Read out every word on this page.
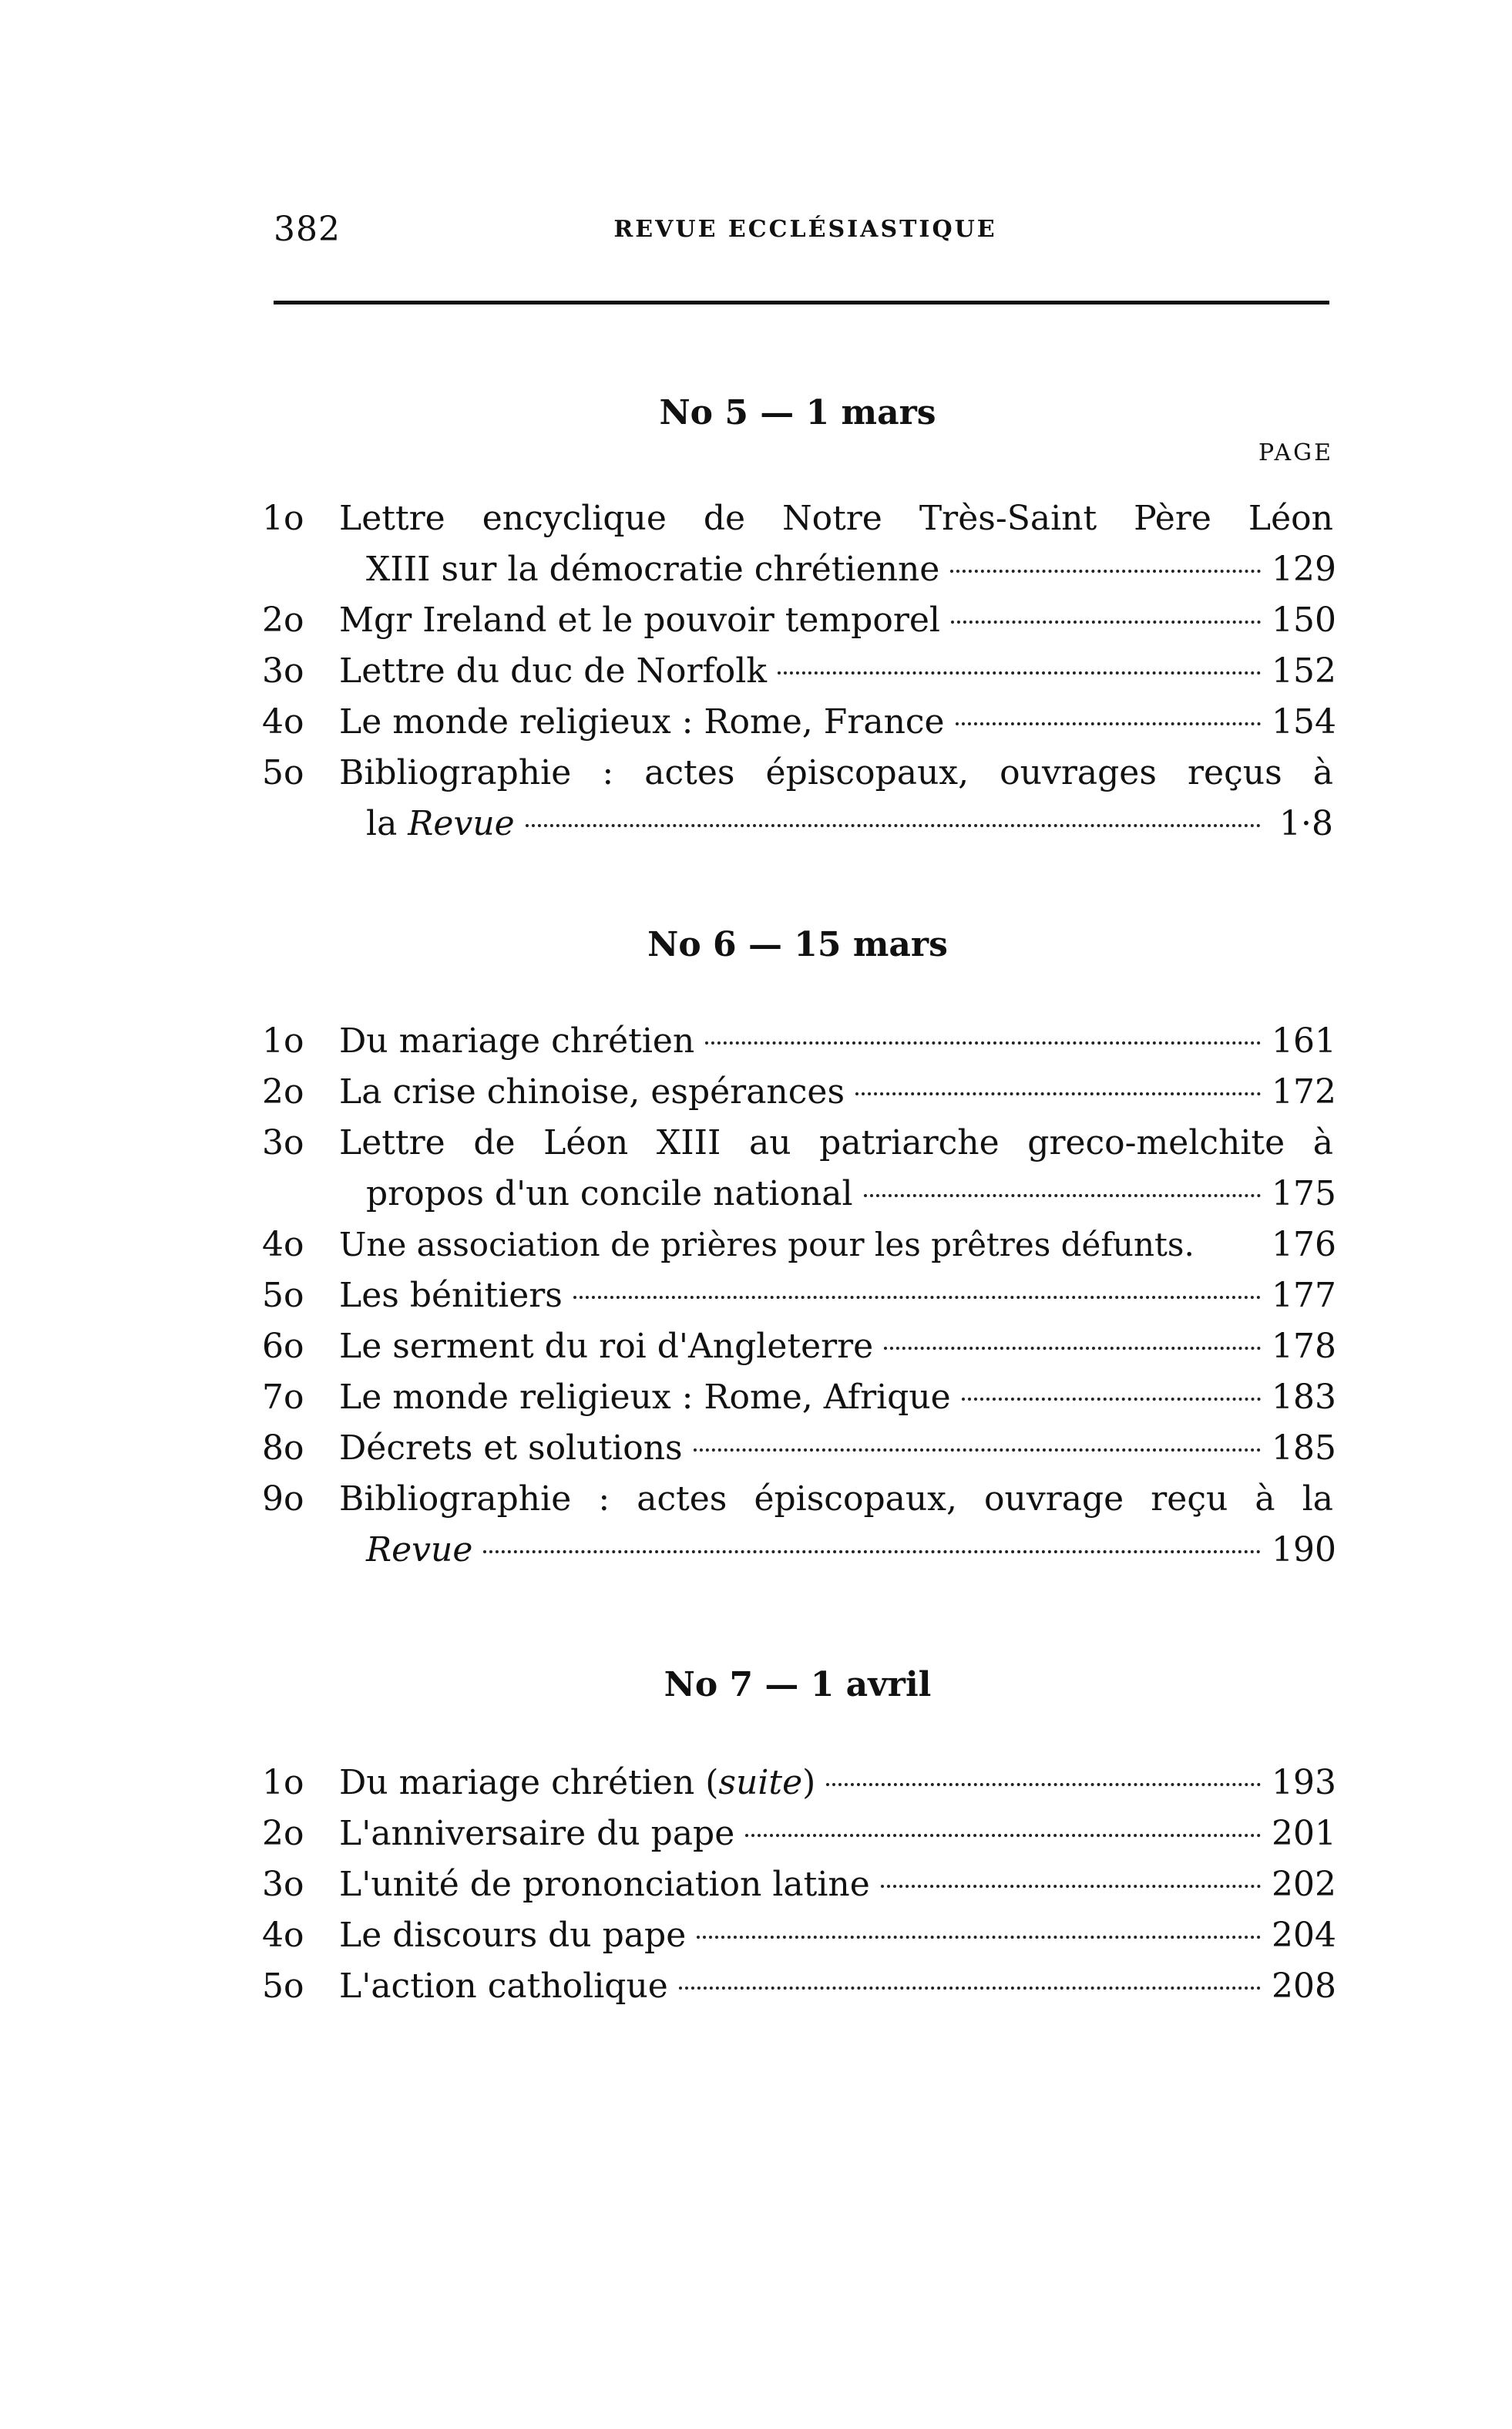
382	REVUE ECCLÉSIASTIQUE
No 5 — 1 mars
PAGE
1o	Lettre encyclique de Notre Très-Saint Père Léon
XIII sur la démocratie chrétienne	129
2o	Mgr Ireland et le pouvoir temporel	150
3o	Lettre du duc de Norfolk	152
4o	Le monde religieux : Rome, France	154
5o	Bibliographie : actes épiscopaux, ouvrages reçus à
la Revue	1·8
No 6 — 15 mars
1o	Du mariage chrétien	161
2o	La crise chinoise, espérances	172
3o	Lettre de Léon XIII au patriarche greco-melchite à
propos d'un concile national	175
4o	Une association de prières pour les prêtres défunts. 176
5o	Les bénitiers	177
6o	Le serment du roi d'Angleterre	178
7o	Le monde religieux : Rome, Afrique	183
8o	Décrets et solutions	185
9o	Bibliographie : actes épiscopaux, ouvrage reçu à la
Revue	190
No 7 — 1 avril
1o	Du mariage chrétien (suite)	193
2o	L'anniversaire du pape	201
3o	L'unité de prononciation latine	202
4o	Le discours du pape	204
5o	L'action catholique	208
